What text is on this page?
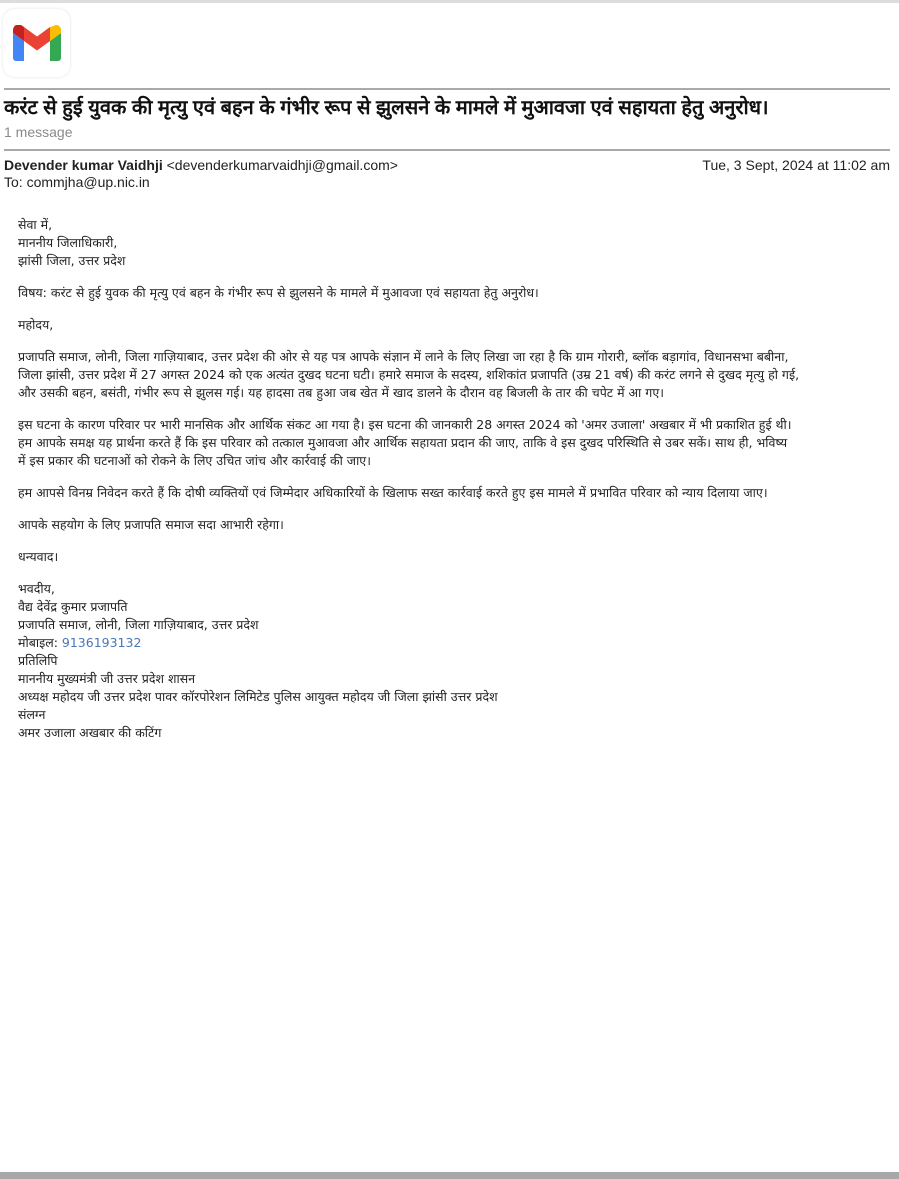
करंट से हुई युवक की मृत्यु एवं बहन के गंभीर रूप से झुलसने के मामले में मुआवजा एवं सहायता हेतु अनुरोध।
1 message
Devender kumar Vaidhji <devenderkumarvaidhji@gmail.com>	Tue, 3 Sept, 2024 at 11:02 am
To: commjha@up.nic.in

सेवा में,
माननीय जिलाधिकारी,
झांसी जिला, उत्तर प्रदेश

विषय: करंट से हुई युवक की मृत्यु एवं बहन के गंभीर रूप से झुलसने के मामले में मुआवजा एवं सहायता हेतु अनुरोध।

महोदय,

प्रजापति समाज, लोनी, जिला गाज़ियाबाद, उत्तर प्रदेश की ओर से यह पत्र आपके संज्ञान में लाने के लिए लिखा जा रहा है कि ग्राम गोरारी, ब्लॉक बड़ागांव, विधानसभा बबीना,
जिला झांसी, उत्तर प्रदेश में 27 अगस्त 2024 को एक अत्यंत दुखद घटना घटी। हमारे समाज के सदस्य, शशिकांत प्रजापति (उम्र 21 वर्ष) की करंट लगने से दुखद मृत्यु हो गई,
और उसकी बहन, बसंती, गंभीर रूप से झुलस गई। यह हादसा तब हुआ जब खेत में खाद डालने के दौरान वह बिजली के तार की चपेट में आ गए।

इस घटना के कारण परिवार पर भारी मानसिक और आर्थिक संकट आ गया है। इस घटना की जानकारी 28 अगस्त 2024 को 'अमर उजाला' अखबार में भी प्रकाशित हुई थी।
हम आपके समक्ष यह प्रार्थना करते हैं कि इस परिवार को तत्काल मुआवजा और आर्थिक सहायता प्रदान की जाए, ताकि वे इस दुखद परिस्थिति से उबर सकें। साथ ही, भविष्य
में इस प्रकार की घटनाओं को रोकने के लिए उचित जांच और कार्रवाई की जाए।

हम आपसे विनम्र निवेदन करते हैं कि दोषी व्यक्तियों एवं जिम्मेदार अधिकारियों के खिलाफ सख्त कार्रवाई करते हुए इस मामले में प्रभावित परिवार को न्याय दिलाया जाए।

आपके सहयोग के लिए प्रजापति समाज सदा आभारी रहेगा।

धन्यवाद।

भवदीय,
वैद्य देवेंद्र कुमार प्रजापति
प्रजापति समाज, लोनी, जिला गाज़ियाबाद, उत्तर प्रदेश
मोबाइल: 9136193132
प्रतिलिपि
माननीय मुख्यमंत्री जी उत्तर प्रदेश शासन
अध्यक्ष महोदय जी उत्तर प्रदेश पावर कॉरपोरेशन लिमिटेड पुलिस आयुक्त महोदय जी जिला झांसी उत्तर प्रदेश
संलग्न
अमर उजाला अखबार की कटिंग
